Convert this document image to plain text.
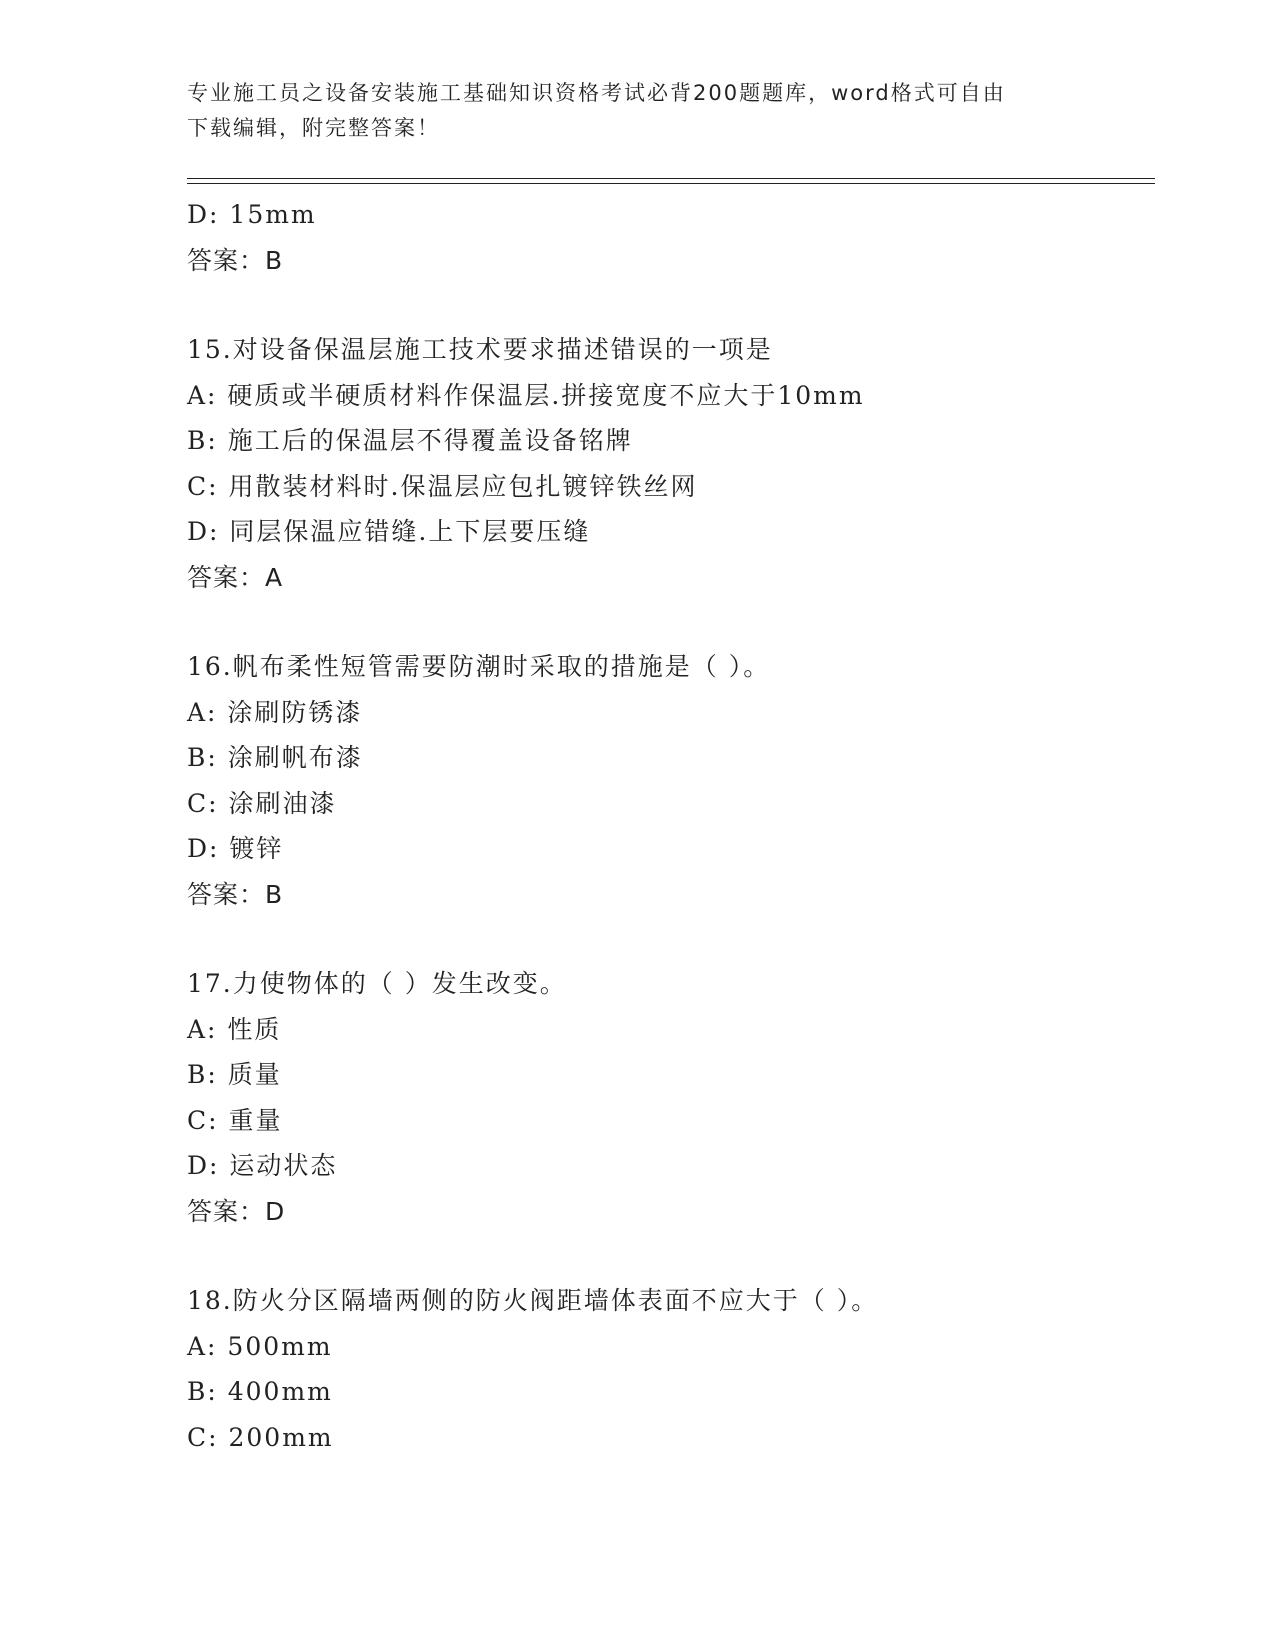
专业施工员之设备安装施工基础知识资格考试必背200题题库，word格式可自由
下载编辑，附完整答案！
D: 15mm
答案：B
15.对设备保温层施工技术要求描述错误的一项是
A: 硬质或半硬质材料作保温层.拼接宽度不应大于10mm
B: 施工后的保温层不得覆盖设备铭牌
C: 用散装材料时.保温层应包扎镀锌铁丝网
D: 同层保温应错缝.上下层要压缝
答案：A
16.帆布柔性短管需要防潮时采取的措施是（ ）。
A: 涂刷防锈漆
B: 涂刷帆布漆
C: 涂刷油漆
D: 镀锌
答案：B
17.力使物体的（ ）发生改变。
A: 性质
B: 质量
C: 重量
D: 运动状态
答案：D
18.防火分区隔墙两侧的防火阀距墙体表面不应大于（ ）。
A: 500mm
B: 400mm
C: 200mm
